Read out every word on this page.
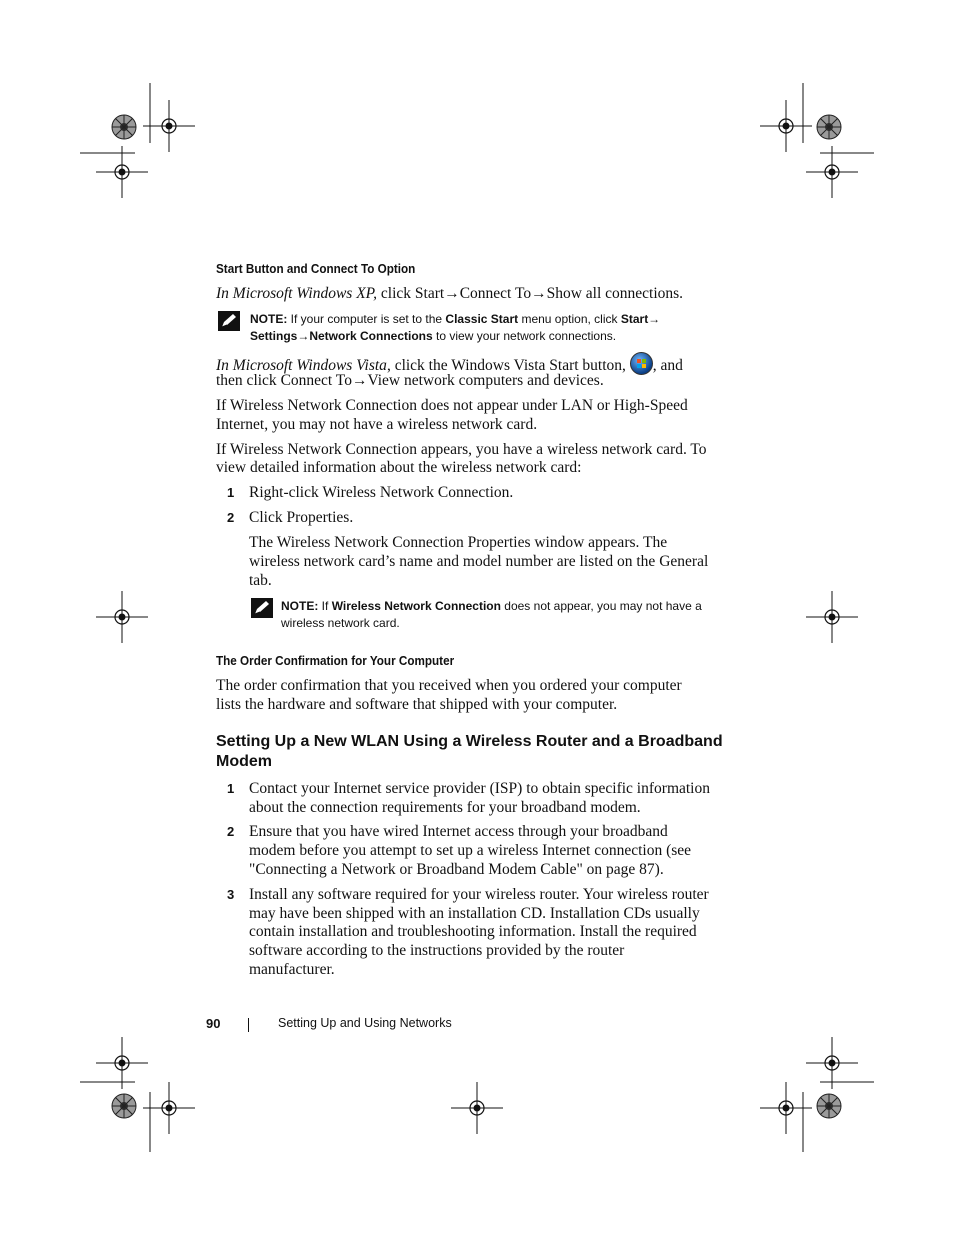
Start Button and Connect To Option
In Microsoft Windows XP, click Start→Connect To→Show all connections.
NOTE: If your computer is set to the Classic Start menu option, click Start→
Settings→Network Connections to view your network connections.
In Microsoft Windows Vista, click the Windows Vista Start button, , and
then click Connect To→View network computers and devices.
If Wireless Network Connection does not appear under LAN or High-Speed
Internet, you may not have a wireless network card.
If Wireless Network Connection appears, you have a wireless network card. To
view detailed information about the wireless network card:
1 Right-click Wireless Network Connection.
2 Click Properties.
The Wireless Network Connection Properties window appears. The
wireless network card’s name and model number are listed on the General
tab.
NOTE: If Wireless Network Connection does not appear, you may not have a
wireless network card.
The Order Confirmation for Your Computer
The order confirmation that you received when you ordered your computer
lists the hardware and software that shipped with your computer.
Setting Up a New WLAN Using a Wireless Router and a Broadband
Modem
1 Contact your Internet service provider (ISP) to obtain specific information
about the connection requirements for your broadband modem.
2 Ensure that you have wired Internet access through your broadband
modem before you attempt to set up a wireless Internet connection (see
"Connecting a Network or Broadband Modem Cable" on page 87).
3 Install any software required for your wireless router. Your wireless router
may have been shipped with an installation CD. Installation CDs usually
contain installation and troubleshooting information. Install the required
software according to the instructions provided by the router
manufacturer.
90	Setting Up and Using Networks
